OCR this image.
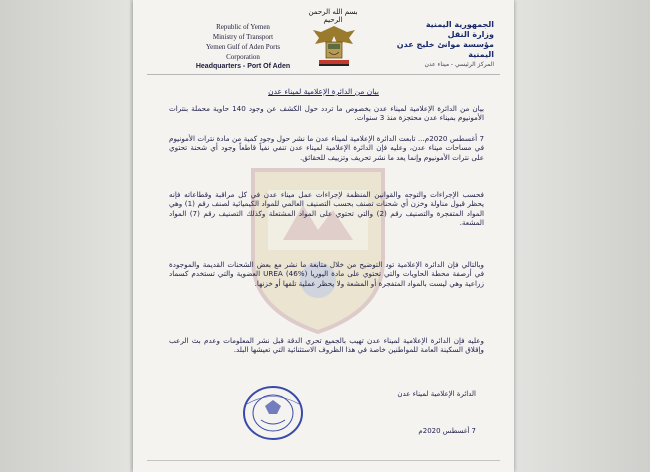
Republic of Yemen
Ministry of Transport
Yemen Gulf of Aden Ports Corporation
Headquarters - Port Of Aden
بسم الله الرحمن الرحيم	الجمهورية اليمنية
وزارة النقل
مؤسسة موانئ خليج عدن اليمنية
المركز الرئيسي - ميناء عدن
بيان من الدائرة الإعلامية لميناء عدن
بيان من الدائرة الإعلامية لميناء عدن بخصوص ما تردد حول الكشف عن وجود 140 حاوية محملة بنترات الأمونيوم بميناء عدن محتجزة منذ 3 سنوات.
7 أغسطس 2020م... تابعت الدائرة الإعلامية لميناء عدن ما نشر حول وجود كمية من مادة نترات الأمونيوم في مساحات ميناء عدن، وعليه فإن الدائرة الإعلامية لميناء عدن تنفي نفياً قاطعاً وجود أي شحنة تحتوي على نترات الأمونيوم وإنما يعد ما نشر تحريف وتزييف للحقائق.
فحسب الإجراءات والتوجه والقوانين المنظمة لإجراءات عمل ميناء عدن في كل مراقبة وقطاعاته فإنه يحظر قبول مناولة وخزن أي شحنات تصنف بحسب التصنيف العالمي للمواد الكيميائية لصنف رقم (1) وهي المواد المتفجرة والتصنيف رقم (2) والتي تحتوي على المواد المشتعلة وكذلك التصنيف رقم (7) المواد المشعة.
وبالتالي فإن الدائرة الإعلامية تود التوضيح من خلال متابعة ما نشر مع بعض الشحنات القديمة والموجودة في أرصفة محطة الحاويات والتي تحتوي على مادة اليوريا UREA (46%) العضوية والتي تستخدم كسماد زراعية وهي ليست بالمواد المتفجرة أو المشعة ولا يحظر عملية تلفها أو خزنها.
وعليه فإن الدائرة الإعلامية لميناء عدن تهيب بالجميع تحري الدقة قبل نشر المعلومات وعدم بث الرعب وإقلاق السكينة العامة للمواطنين خاصة في هذا الظروف الاستثنائية التي تعيشها البلد.
الدائرة الإعلامية لميناء عدن
7 أغسطس 2020م
